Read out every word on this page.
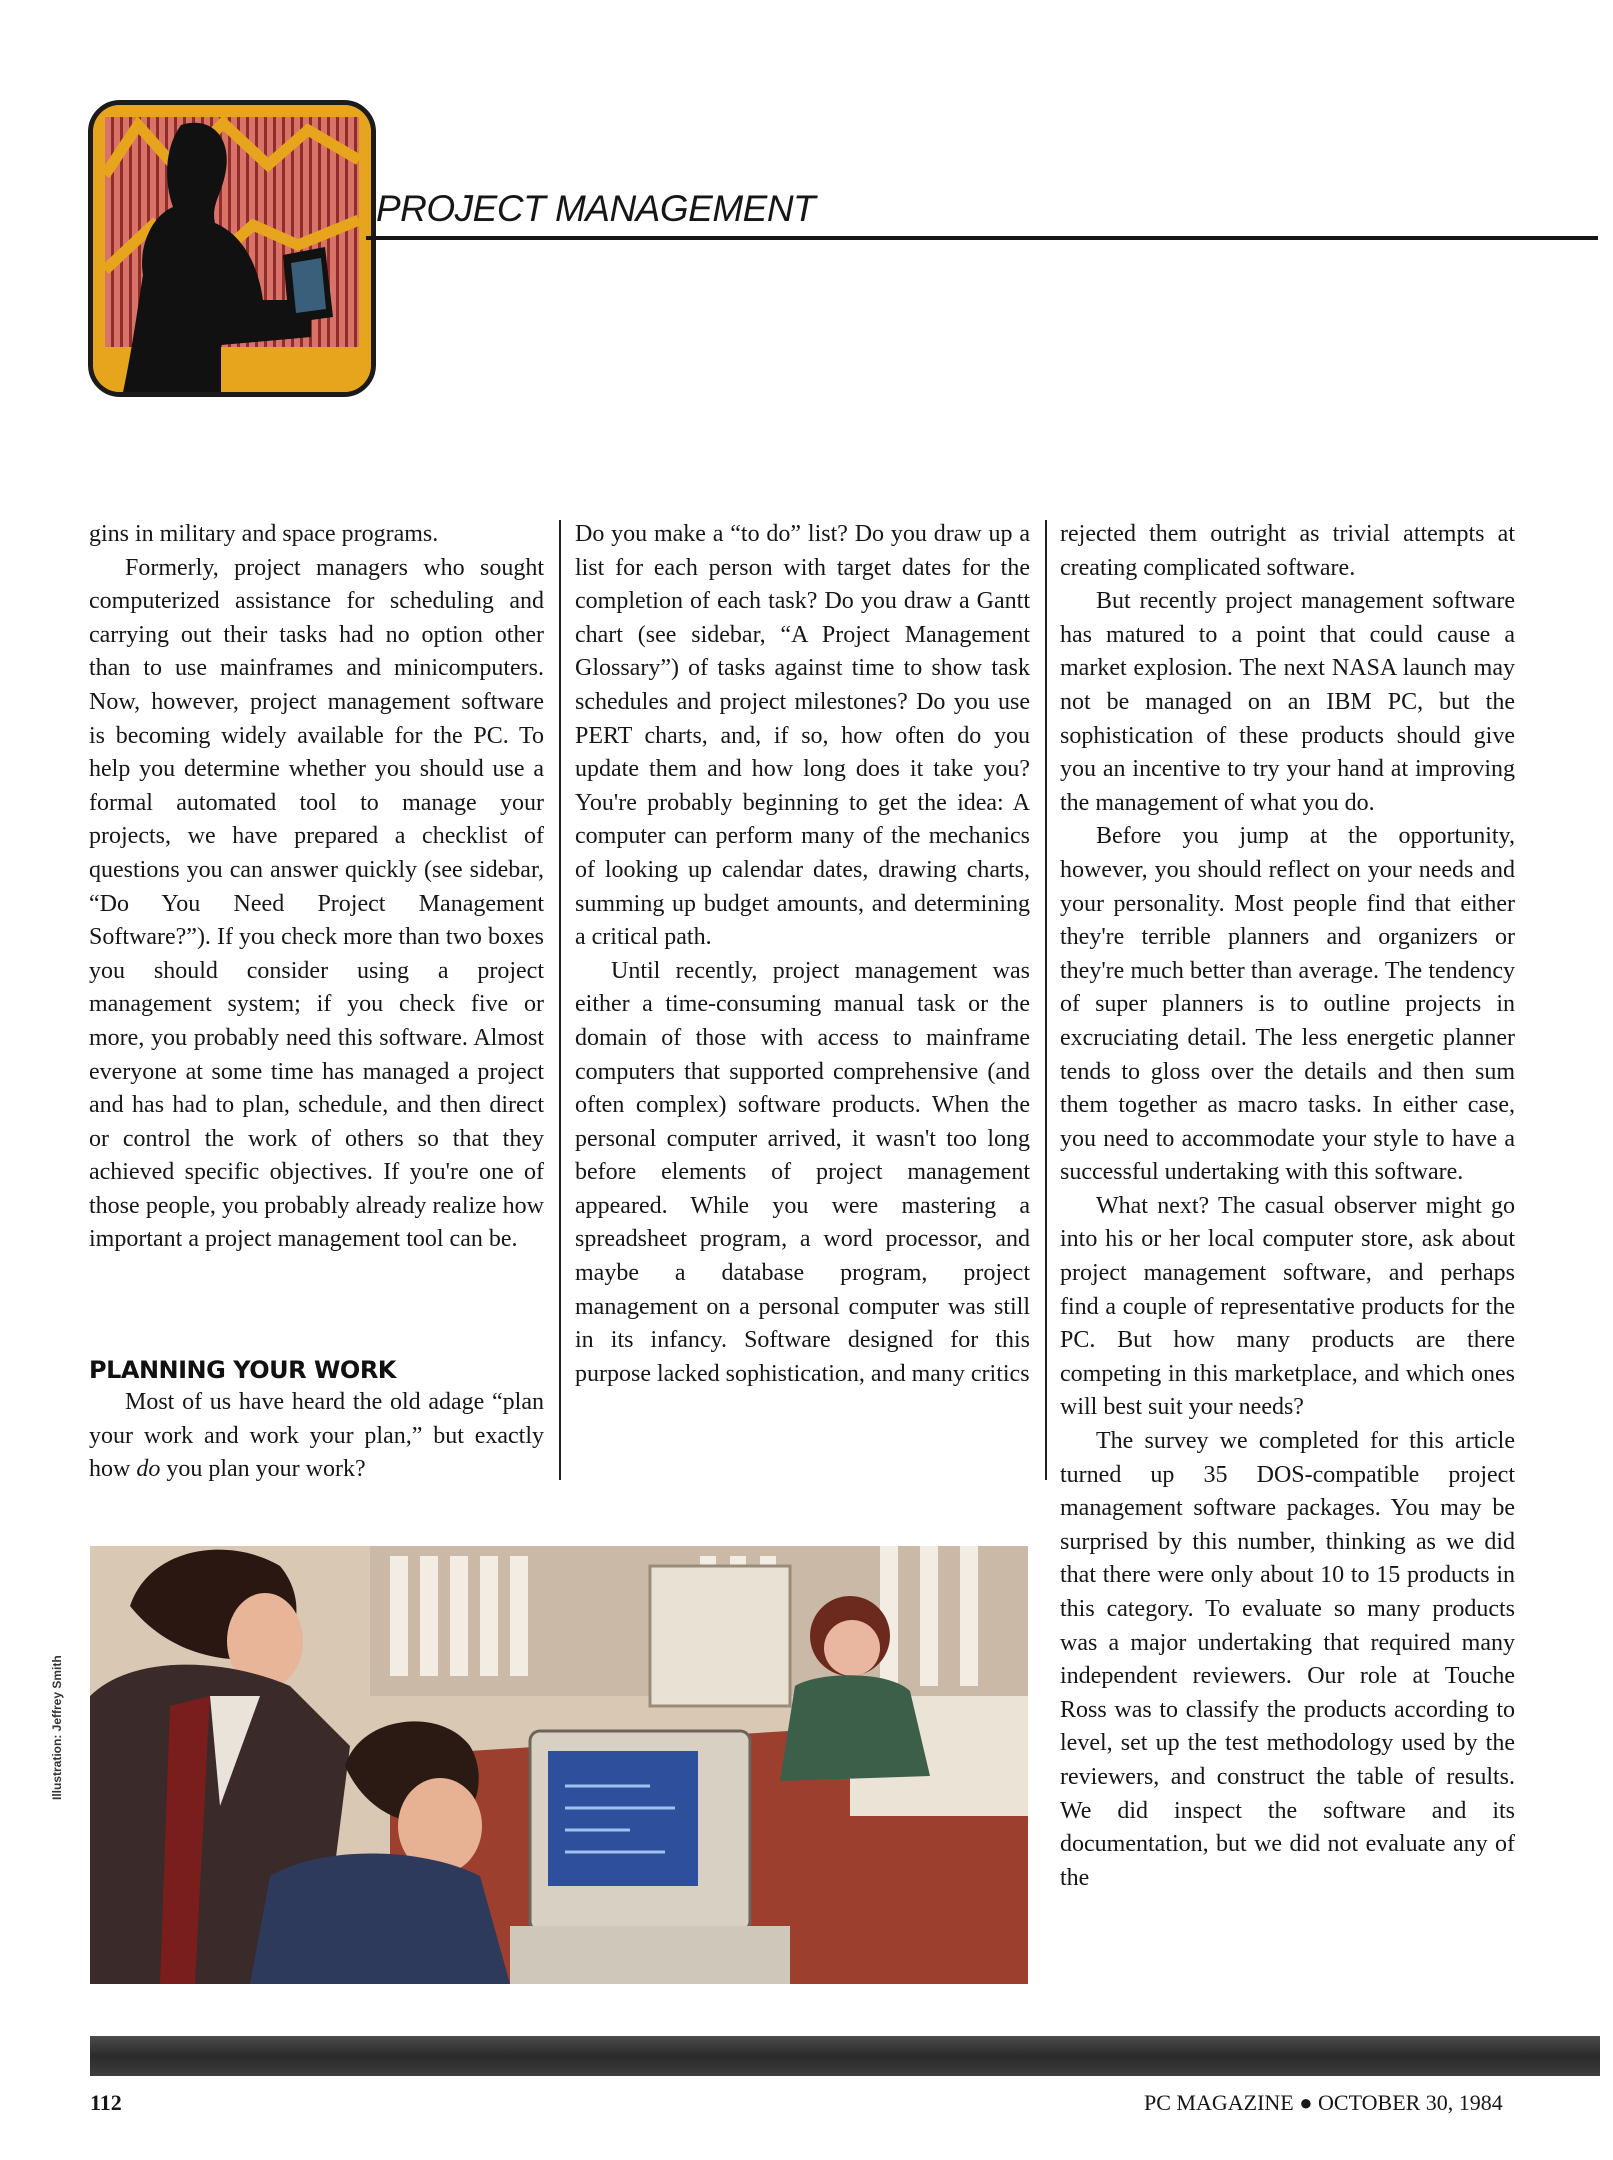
PROJECT MANAGEMENT

gins in military and space programs.

Formerly, project managers who sought computerized assistance for scheduling and carrying out their tasks had no option other than to use mainframes and minicomputers. Now, however, project management software is becoming widely available for the PC. To help you determine whether you should use a formal automated tool to manage your projects, we have prepared a checklist of questions you can answer quickly (see sidebar, “Do You Need Project Management Software?”). If you check more than two boxes you should consider using a project management system; if you check five or more, you probably need this software. Almost everyone at some time has managed a project and has had to plan, schedule, and then direct or control the work of others so that they achieved specific objectives. If you're one of those people, you probably already realize how important a project management tool can be.

PLANNING YOUR WORK

Most of us have heard the old adage “plan your work and work your plan,” but exactly how do you plan your work?

Do you make a “to do” list? Do you draw up a list for each person with target dates for the completion of each task? Do you draw a Gantt chart (see sidebar, “A Project Management Glossary”) of tasks against time to show task schedules and project milestones? Do you use PERT charts, and, if so, how often do you update them and how long does it take you? You're probably beginning to get the idea: A computer can perform many of the mechanics of looking up calendar dates, drawing charts, summing up budget amounts, and determining a critical path.

Until recently, project management was either a time-consuming manual task or the domain of those with access to mainframe computers that supported comprehensive (and often complex) software products. When the personal computer arrived, it wasn't too long before elements of project management appeared. While you were mastering a spreadsheet program, a word processor, and maybe a database program, project management on a personal computer was still in its infancy. Software designed for this purpose lacked sophistication, and many critics

rejected them outright as trivial attempts at creating complicated software.

But recently project management software has matured to a point that could cause a market explosion. The next NASA launch may not be managed on an IBM PC, but the sophistication of these products should give you an incentive to try your hand at improving the management of what you do.

Before you jump at the opportunity, however, you should reflect on your needs and your personality. Most people find that either they're terrible planners and organizers or they're much better than average. The tendency of super planners is to outline projects in excruciating detail. The less energetic planner tends to gloss over the details and then sum them together as macro tasks. In either case, you need to accommodate your style to have a successful undertaking with this software.

What next? The casual observer might go into his or her local computer store, ask about project management software, and perhaps find a couple of representative products for the PC. But how many products are there competing in this marketplace, and which ones will best suit your needs?

The survey we completed for this article turned up 35 DOS-compatible project management software packages. You may be surprised by this number, thinking as we did that there were only about 10 to 15 products in this category. To evaluate so many products was a major undertaking that required many independent reviewers. Our role at Touche Ross was to classify the products according to level, set up the test methodology used by the reviewers, and construct the table of results. We did inspect the software and its documentation, but we did not evaluate any of the

Illustration: Jeffrey Smith
112	PC MAGAZINE ● OCTOBER 30, 1984
